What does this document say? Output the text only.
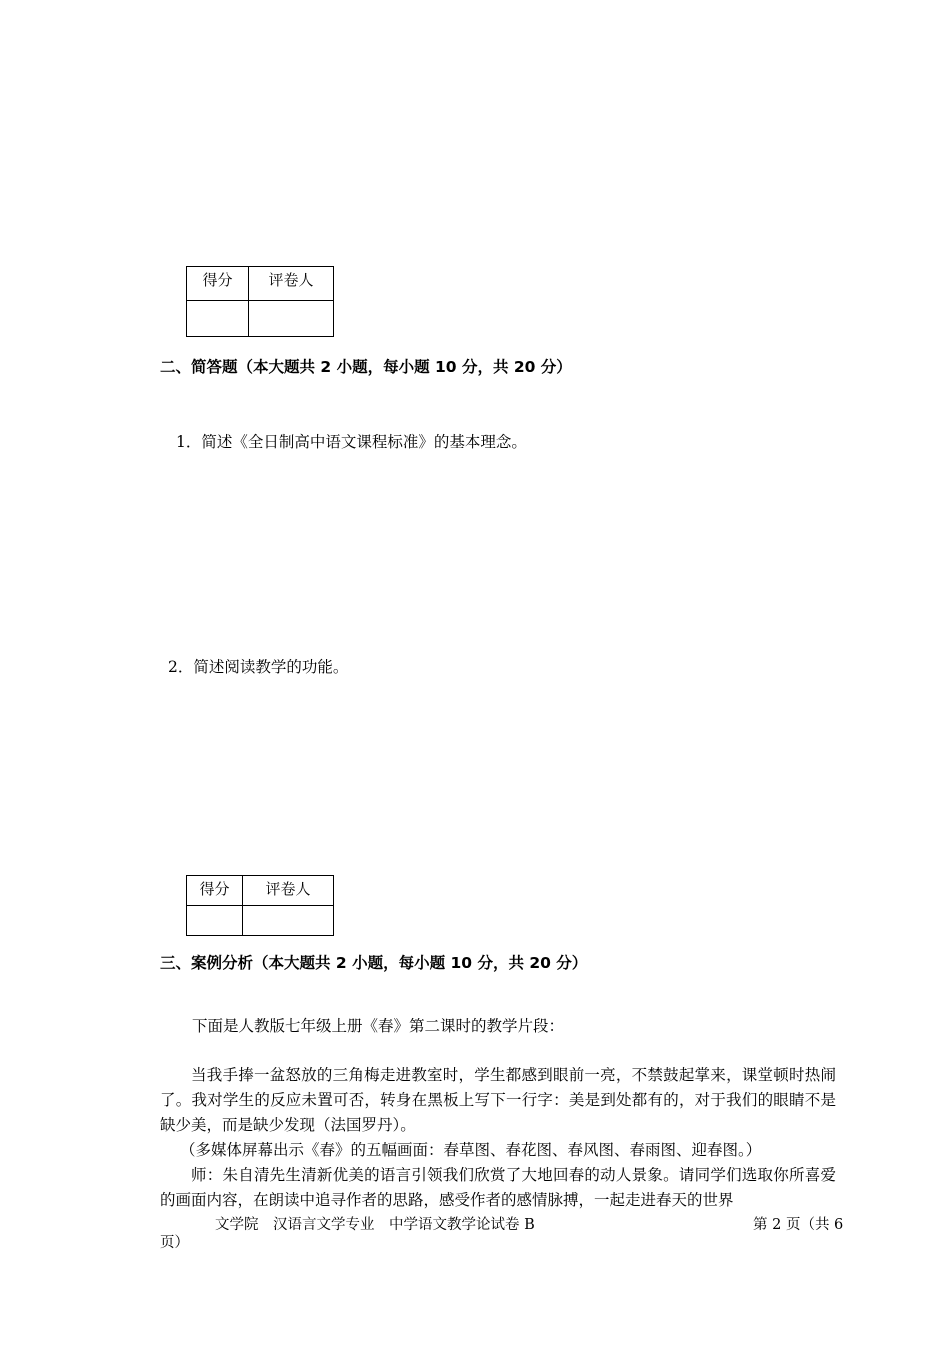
得分	评卷人

二、简答题（本大题共 2 小题，每小题 10 分，共 20 分）
1．简述《全日制高中语文课程标准》的基本理念。
2．简述阅读教学的功能。
得分	评卷人

三、案例分析（本大题共 2 小题，每小题 10 分，共 20 分）
下面是人教版七年级上册《春》第二课时的教学片段：
当我手捧一盆怒放的三角梅走进教室时，学生都感到眼前一亮，不禁鼓起掌来，课堂顿时热闹了。我对学生的反应未置可否，转身在黑板上写下一行字：美是到处都有的，对于我们的眼睛不是缺少美，而是缺少发现（法国罗丹）。
（多媒体屏幕出示《春》的五幅画面：春草图、春花图、春风图、春雨图、迎春图。）
师：朱自清先生清新优美的语言引领我们欣赏了大地回春的动人景象。请同学们选取你所喜爱的画面内容，在朗读中追寻作者的思路，感受作者的感情脉搏，一起走进春天的世界
文学院　汉语言文学专业　中学语文教学论试卷 B	第 2 页（共 6
页）
